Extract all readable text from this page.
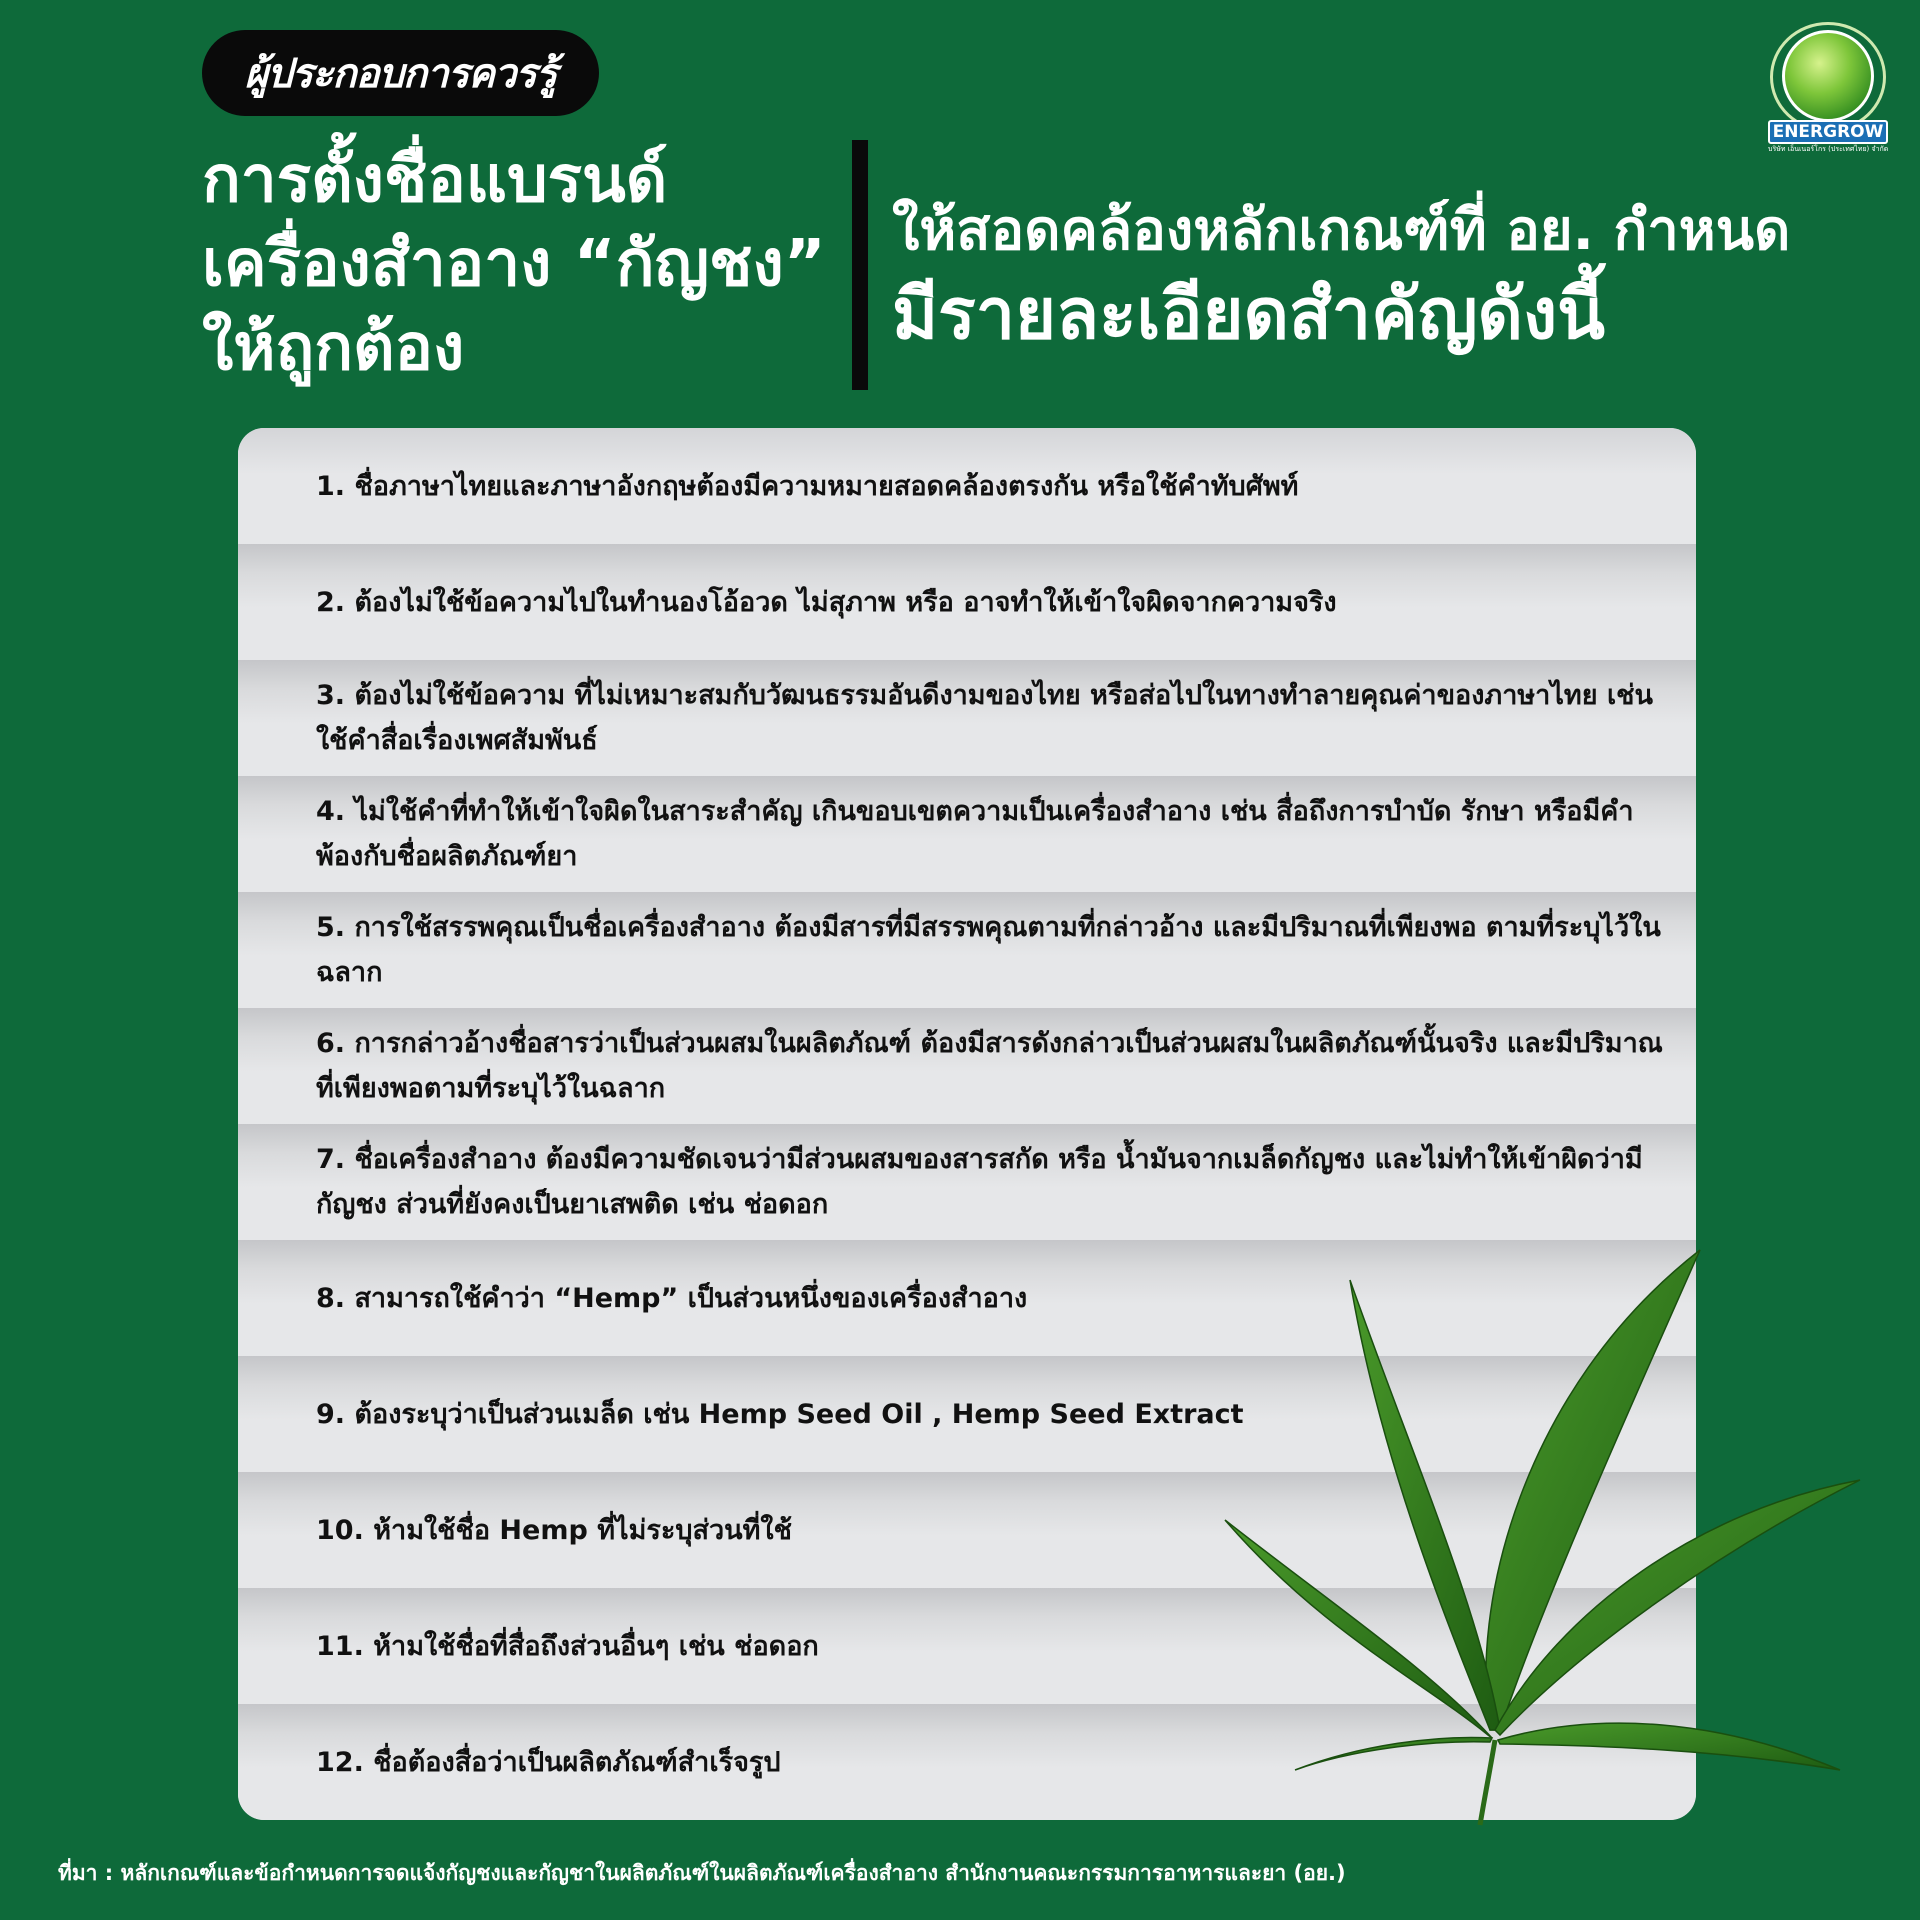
ผู้ประกอบการควรรู้
การตั้งชื่อแบรนด์
เครื่องสำอาง “กัญชง”
ให้ถูกต้อง
ให้สอดคล้องหลักเกณฑ์ที่ อย. กำหนด
มีรายละเอียดสำคัญดังนี้
ENERGROW
บริษัท เอ็นเนอร์โกร (ประเทศไทย) จำกัด
1. ชื่อภาษาไทยและภาษาอังกฤษต้องมีความหมายสอดคล้องตรงกัน หรือใช้คำทับศัพท์
2. ต้องไม่ใช้ข้อความไปในทำนองโอ้อวด ไม่สุภาพ หรือ อาจทำให้เข้าใจผิดจากความจริง
3. ต้องไม่ใช้ข้อความ ที่ไม่เหมาะสมกับวัฒนธรรมอันดีงามของไทย หรือส่อไปในทางทำลายคุณค่าของภาษาไทย เช่น ใช้คำสื่อเรื่องเพศสัมพันธ์
4. ไม่ใช้คำที่ทำให้เข้าใจผิดในสาระสำคัญ เกินขอบเขตความเป็นเครื่องสำอาง เช่น สื่อถึงการบำบัด รักษา หรือมีคำพ้องกับชื่อผลิตภัณฑ์ยา
5. การใช้สรรพคุณเป็นชื่อเครื่องสำอาง ต้องมีสารที่มีสรรพคุณตามที่กล่าวอ้าง และมีปริมาณที่เพียงพอ ตามที่ระบุไว้ในฉลาก
6. การกล่าวอ้างชื่อสารว่าเป็นส่วนผสมในผลิตภัณฑ์ ต้องมีสารดังกล่าวเป็นส่วนผสมในผลิตภัณฑ์นั้นจริง และมีปริมาณที่เพียงพอตามที่ระบุไว้ในฉลาก
7. ชื่อเครื่องสำอาง ต้องมีความชัดเจนว่ามีส่วนผสมของสารสกัด หรือ น้ำมันจากเมล็ดกัญชง และไม่ทำให้เข้าผิดว่ามีกัญชง ส่วนที่ยังคงเป็นยาเสพติด เช่น ช่อดอก
8. สามารถใช้คำว่า “Hemp” เป็นส่วนหนึ่งของเครื่องสำอาง
9. ต้องระบุว่าเป็นส่วนเมล็ด เช่น Hemp Seed Oil , Hemp Seed Extract
10. ห้ามใช้ชื่อ Hemp ที่ไม่ระบุส่วนที่ใช้
11. ห้ามใช้ชื่อที่สื่อถึงส่วนอื่นๆ เช่น ช่อดอก
12. ชื่อต้องสื่อว่าเป็นผลิตภัณฑ์สำเร็จรูป
ที่มา : หลักเกณฑ์และข้อกำหนดการจดแจ้งกัญชงและกัญชาในผลิตภัณฑ์ในผลิตภัณฑ์เครื่องสำอาง สำนักงานคณะกรรมการอาหารและยา (อย.)
